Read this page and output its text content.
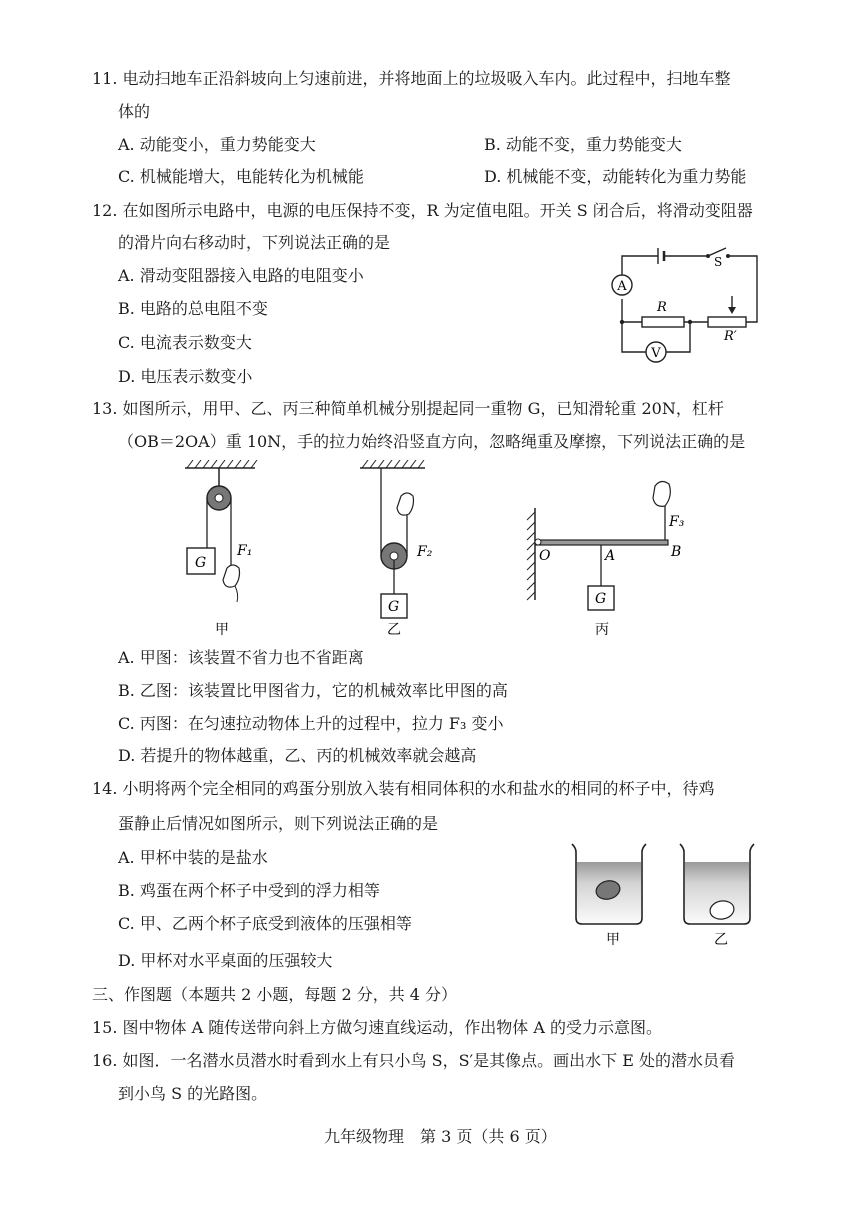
11. 电动扫地车正沿斜坡向上匀速前进，并将地面上的垃圾吸入车内。此过程中，扫地车整
体的
A. 动能变小，重力势能变大	B. 动能不变，重力势能变大
C. 机械能增大，电能转化为机械能	D. 机械能不变，动能转化为重力势能
12. 在如图所示电路中，电源的电压保持不变，R 为定值电阻。开关 S 闭合后，将滑动变阻器
的滑片向右移动时，下列说法正确的是
A. 滑动变阻器接入电路的电阻变小
B. 电路的总电阻不变
C. 电流表示数变大
D. 电压表示数变小
A
V
R
R′
S
13. 如图所示，用甲、乙、丙三种简单机械分别提起同一重物 G，已知滑轮重 20N，杠杆
（OB＝2OA）重 10N，手的拉力始终沿竖直方向，忽略绳重及摩擦，下列说法正确的是
G
F₁	F₂
G
O	A	B
G
F₃
甲	乙	丙
A. 甲图：该装置不省力也不省距离
B. 乙图：该装置比甲图省力，它的机械效率比甲图的高
C. 丙图：在匀速拉动物体上升的过程中，拉力 F₃ 变小
D. 若提升的物体越重，乙、丙的机械效率就会越高
14. 小明将两个完全相同的鸡蛋分别放入装有相同体积的水和盐水的相同的杯子中，待鸡
蛋静止后情况如图所示，则下列说法正确的是
A. 甲杯中装的是盐水
B. 鸡蛋在两个杯子中受到的浮力相等
C. 甲、乙两个杯子底受到液体的压强相等
D. 甲杯对水平桌面的压强较大
甲	乙
三、作图题（本题共 2 小题，每题 2 分，共 4 分）
15. 图中物体 A 随传送带向斜上方做匀速直线运动，作出物体 A 的受力示意图。
16. 如图．一名潜水员潜水时看到水上有只小鸟 S，S′是其像点。画出水下 E 处的潜水员看
到小鸟 S 的光路图。
九年级物理　第 3 页（共 6 页）
